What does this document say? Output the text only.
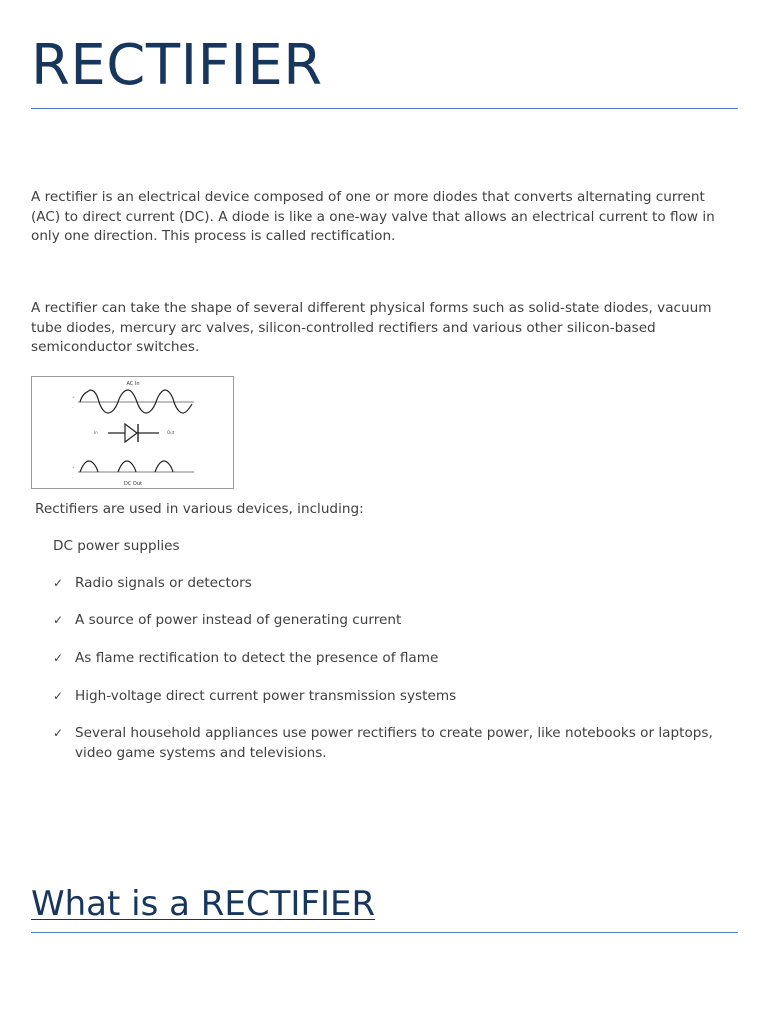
RECTIFIER

A rectifier is an electrical device composed of one or more diodes that converts alternating current (AC) to direct current (DC). A diode is like a one-way valve that allows an electrical current to flow in only one direction. This process is called rectification.

A rectifier can take the shape of several different physical forms such as solid-state diodes, vacuum tube diodes, mercury arc valves, silicon-controlled rectifiers and various other silicon-based semiconductor switches.

AC In
+
-
In	Out
+
-
DC Out

Rectifiers are used in various devices, including:

DC power supplies

✓ Radio signals or detectors
✓ A source of power instead of generating current
✓ As flame rectification to detect the presence of flame
✓ High-voltage direct current power transmission systems
✓ Several household appliances use power rectifiers to create power, like notebooks or laptops, video game systems and televisions.
What is a RECTIFIER
